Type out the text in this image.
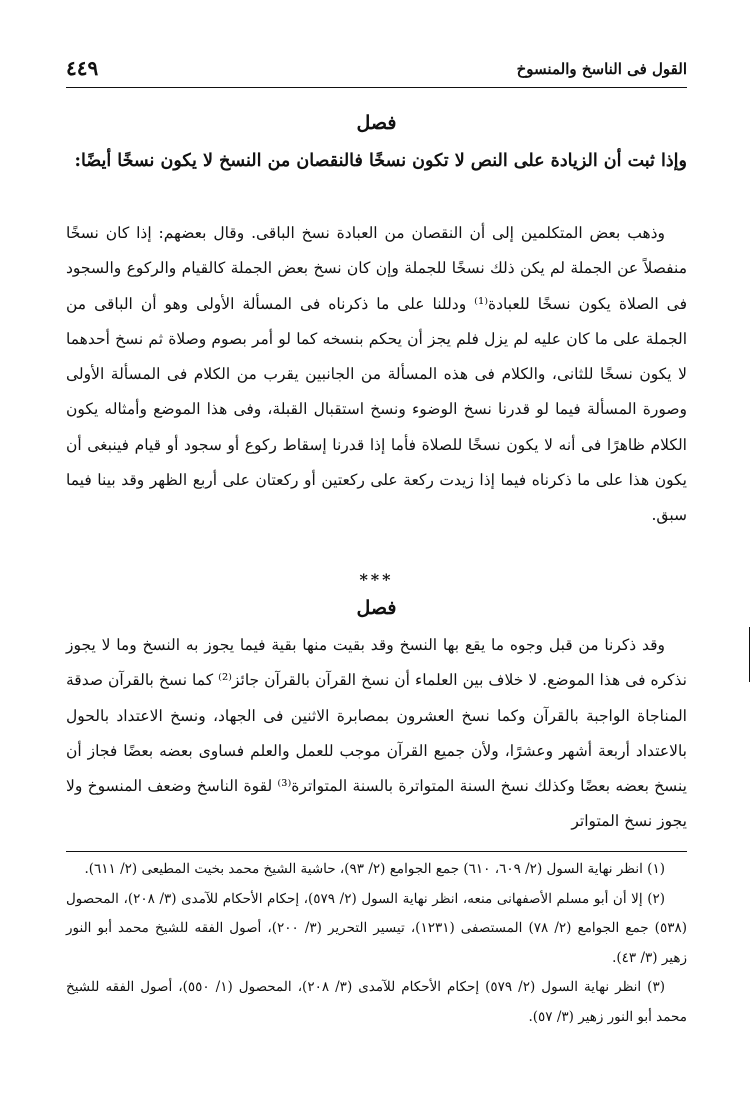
القول فى الناسخ والمنسوخ
٤٤٩
فصل

وإذا ثبت أن الزيادة على النص لا تكون نسخًا فالنقصان من النسخ لا يكون نسخًا أيضًا:

وذهب بعض المتكلمين إلى أن النقصان من العبادة نسخ الباقى. وقال بعضهم: إذا كان نسخًا منفصلاً عن الجملة لم يكن ذلك نسخًا للجملة وإن كان نسخ بعض الجملة كالقيام والركوع والسجود فى الصلاة يكون نسخًا للعبادة⁽¹⁾ ودللنا على ما ذكرناه فى المسألة الأولى وهو أن الباقى من الجملة على ما كان عليه لم يزل فلم يجز أن يحكم بنسخه كما لو أمر بصوم وصلاة ثم نسخ أحدهما لا يكون نسخًا للثانى، والكلام فى هذه المسألة من الجانبين يقرب من الكلام فى المسألة الأولى وصورة المسألة فيما لو قدرنا نسخ الوضوء ونسخ استقبال القبلة، وفى هذا الموضع وأمثاله يكون الكلام ظاهرًا فى أنه لا يكون نسخًا للصلاة فأما إذا قدرنا إسقاط ركوع أو سجود أو قيام فينبغى أن يكون هذا على ما ذكرناه فيما إذا زيدت ركعة على ركعتين أو ركعتان على أربع الظهر وقد بينا فيما سبق.

***
فصل

وقد ذكرنا من قبل وجوه ما يقع بها النسخ وقد بقيت منها بقية فيما يجوز به النسخ وما لا يجوز نذكره فى هذا الموضع. لا خلاف بين العلماء أن نسخ القرآن بالقرآن جائز⁽²⁾ كما نسخ بالقرآن صدقة المناجاة الواجبة بالقرآن وكما نسخ العشرون بمصابرة الاثنين فى الجهاد، ونسخ الاعتداد بالحول بالاعتداد أربعة أشهر وعشرًا، ولأن جميع القرآن موجب للعمل والعلم فساوى بعضه بعضًا فجاز أن ينسخ بعضه بعضًا وكذلك نسخ السنة المتواترة بالسنة المتواترة⁽³⁾ لقوة الناسخ وضعف المنسوخ ولا يجوز نسخ المتواتر

(١) انظر نهاية السول (٢/ ٦٠٩، ٦١٠) جمع الجوامع (٢/ ٩٣)، حاشية الشيخ محمد بخيت المطيعى (٢/ ٦١١).

(٢) إلا أن أبو مسلم الأصفهانى منعه، انظر نهاية السول (٢/ ٥٧٩)، إحكام الأحكام للآمدى (٣/ ٢٠٨)، المحصول (٥٣٨) جمع الجوامع (٢/ ٧٨) المستصفى (١٢٣١)، تيسير التحرير (٣/ ٢٠٠)، أصول الفقه للشيخ محمد أبو النور زهير (٣/ ٤٣).

(٣) انظر نهاية السول (٢/ ٥٧٩) إحكام الأحكام للآمدى (٣/ ٢٠٨)، المحصول (١/ ٥٥٠)، أصول الفقه للشيخ محمد أبو النور زهير (٣/ ٥٧).
